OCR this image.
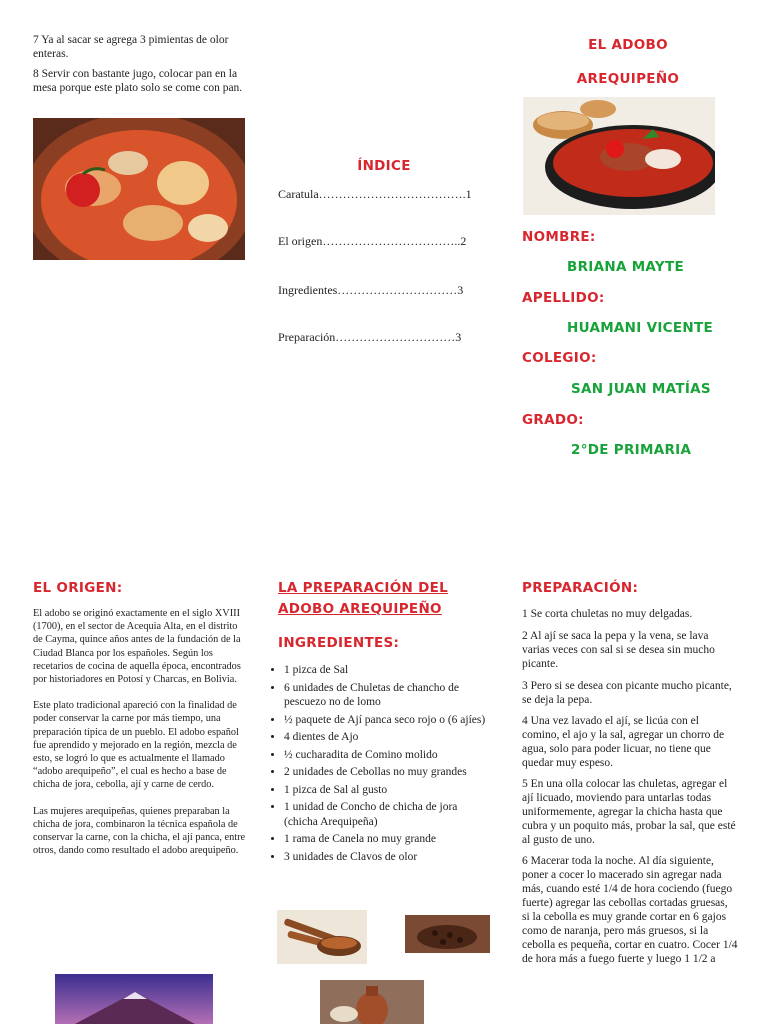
7 Ya al sacar se agrega 3 pimientas de olor enteras.

8 Servir con bastante jugo, colocar pan en la mesa porque este plato solo se come con pan.

ÍNDICE
Caratula……………………………….1
El origen……………………………..2
Ingredientes…………………………3
Preparación…………………………3
EL ADOBO
AREQUIPEÑO
NOMBRE:
BRIANA MAYTE
APELLIDO:
HUAMANI VICENTE
COLEGIO:
SAN JUAN MATÍAS
GRADO:
2°DE PRIMARIA
EL ORIGEN:

El adobo se originó exactamente en el siglo XVIII (1700), en el sector de Acequia Alta, en el distrito de Cayma, quince años antes de la fundación de la Ciudad Blanca por los españoles. Según los recetarios de cocina de aquella época, encontrados por historiadores en Potosí y Charcas, en Bolivia.

Este plato tradicional apareció con la finalidad de poder conservar la carne por más tiempo, una preparación típica de un pueblo. El adobo español fue aprendido y mejorado en la región, mezcla de esto, se logró lo que es actualmente el llamado “adobo arequipeño”, el cual es hecho a base de chicha de jora, cebolla, ají y carne de cerdo.

Las mujeres arequipeñas, quienes preparaban la chicha de jora, combinaron la técnica española de conservar la carne, con la chicha, el ají panca, entre otros, dando como resultado el adobo arequipeño.

LA PREPARACIÓN DEL
ADOBO AREQUIPEÑO
INGREDIENTES:
• 1 pizca de Sal
• 6 unidades de Chuletas de chancho de pescuezo no de lomo
• ½ paquete de Ají panca seco rojo o (6 ajíes)
• 4 dientes de Ajo
• ½ cucharadita de Comino molido
• 2 unidades de Cebollas no muy grandes
• 1 pizca de Sal al gusto
• 1 unidad de Concho de chicha de jora (chicha Arequipeña)
• 1 rama de Canela no muy grande
• 3 unidades de Clavos de olor
PREPARACIÓN:

1 Se corta chuletas no muy delgadas.

2 Al ají se saca la pepa y la vena, se lava varias veces con sal si se desea sin mucho picante.

3 Pero si se desea con picante mucho picante, se deja la pepa.

4 Una vez lavado el ají, se licúa con el comino, el ajo y la sal, agregar un chorro de agua, solo para poder licuar, no tiene que quedar muy espeso.

5 En una olla colocar las chuletas, agregar el ají licuado, moviendo para untarlas todas uniformemente, agregar la chicha hasta que cubra y un poquito más, probar la sal, que esté al gusto de uno.

6 Macerar toda la noche. Al día siguiente, poner a cocer lo macerado sin agregar nada más, cuando esté 1/4 de hora cociendo (fuego fuerte) agregar las cebollas cortadas gruesas, si la cebolla es muy grande cortar en 6 gajos como de naranja, pero más gruesos, si la cebolla es pequeña, cortar en cuatro. Cocer 1/4 de hora más a fuego fuerte y luego 1 1/2 a
